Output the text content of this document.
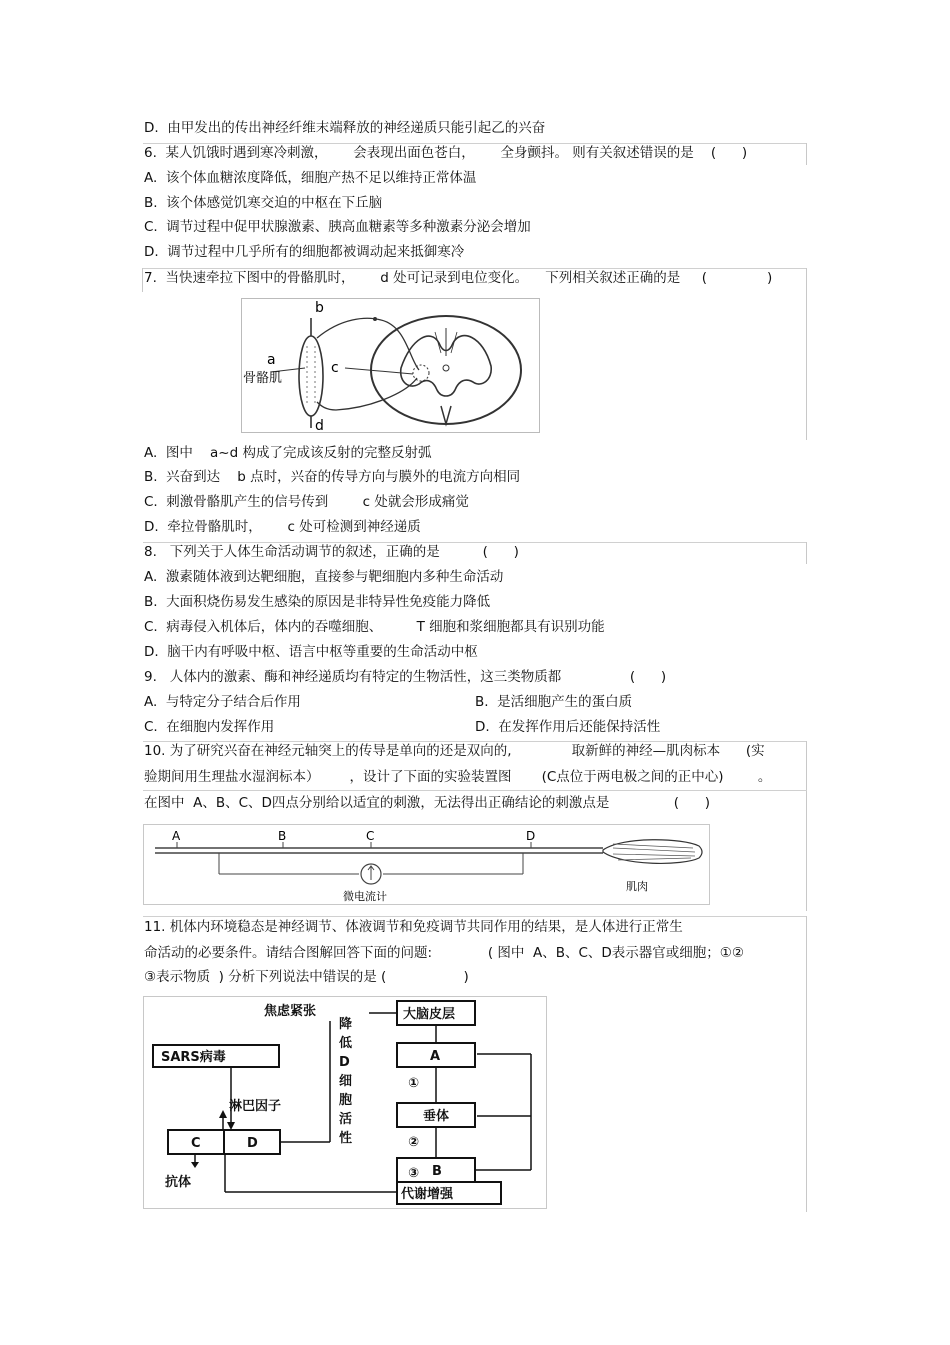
D.  由甲发出的传出神经纤维末端释放的神经递质只能引起乙的兴奋
6.  某人饥饿时遇到寒冷刺激，      会表现出面色苍白，      全身颤抖。 则有关叙述错误的是    (      )
A.  该个体血糖浓度降低，细胞产热不足以维持正常体温
B.  该个体感觉饥寒交迫的中枢在下丘脑
C.  调节过程中促甲状腺激素、胰高血糖素等多种激素分泌会增加
D.  调节过程中几乎所有的细胞都被调动起来抵御寒冷
7.  当快速牵拉下图中的骨骼肌时，      d 处可记录到电位变化。    下列相关叙述正确的是     (              )
A.  图中    a~d 构成了完成该反射的完整反射弧
B.  兴奋到达    b 点时，兴奋的传导方向与膜外的电流方向相同
C.  刺激骨骼肌产生的信号传到        c 处就会形成痛觉
D.  牵拉骨骼肌时，      c 处可检测到神经递质
8.   下列关于人体生命活动调节的叙述，正确的是          (      )
A.  激素随体液到达靶细胞，直接参与靶细胞内多种生命活动
B.  大面积烧伤易发生感染的原因是非特异性免疫能力降低
C.  病毒侵入机体后，体内的吞噬细胞、        T 细胞和浆细胞都具有识别功能
D.  脑干内有呼吸中枢、语言中枢等重要的生命活动中枢
9.   人体内的激素、酶和神经递质均有特定的生物活性，这三类物质都                (      )
A.  与特定分子结合后作用	B.  是活细胞产生的蛋白质
C.  在细胞内发挥作用	D.  在发挥作用后还能保持活性
10. 为了研究兴奋在神经元轴突上的传导是单向的还是双向的,              取新鲜的神经—肌肉标本      (实
验期间用生理盐水湿润标本）       ，设计了下面的实验装置图       (C点位于两电极之间的正中心)        。
在图中  A、B、C、D四点分别给以适宜的刺激，无法得出正确结论的刺激点是               (      )
11. 机体内环境稳态是神经调节、体液调节和免疫调节共同作用的结果，是人体进行正常生
命活动的必要条件。请结合图解回答下面的问题:             ( 图中  A、B、C、D表示器官或细胞；①②
③表示物质  ) 分析下列说法中错误的是 (                  )
b
a
骨骼肌
c
d
A	B	C	D
微电流计
肌肉
焦虑紧张	大脑皮层
降
低
D
细
胞
活
性
SARS病毒	A
①
垂体
淋巴因子
②
C	D
B
抗体
③
代谢增强
